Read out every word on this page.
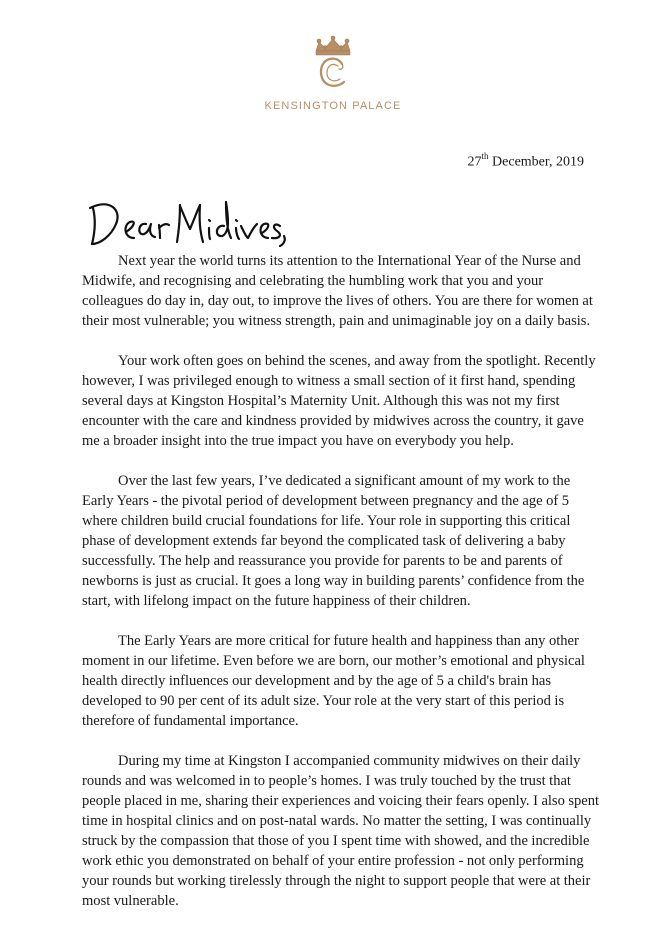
KENSINGTON PALACE
27th December, 2019

Next year the world turns its attention to the International Year of the Nurse and Midwife, and recognising and celebrating the humbling work that you and your colleagues do day in, day out, to improve the lives of others. You are there for women at their most vulnerable; you witness strength, pain and unimaginable joy on a daily basis.

Your work often goes on behind the scenes, and away from the spotlight. Recently however, I was privileged enough to witness a small section of it first hand, spending several days at Kingston Hospital’s Maternity Unit. Although this was not my first encounter with the care and kindness provided by midwives across the country, it gave me a broader insight into the true impact you have on everybody you help.

Over the last few years, I’ve dedicated a significant amount of my work to the Early Years - the pivotal period of development between pregnancy and the age of 5 where children build crucial foundations for life. Your role in supporting this critical phase of development extends far beyond the complicated task of delivering a baby successfully. The help and reassurance you provide for parents to be and parents of newborns is just as crucial. It goes a long way in building parents’ confidence from the start, with lifelong impact on the future happiness of their children.

The Early Years are more critical for future health and happiness than any other moment in our lifetime. Even before we are born, our mother’s emotional and physical health directly influences our development and by the age of 5 a child's brain has developed to 90 per cent of its adult size. Your role at the very start of this period is therefore of fundamental importance.

During my time at Kingston I accompanied community midwives on their daily rounds and was welcomed in to people’s homes. I was truly touched by the trust that people placed in me, sharing their experiences and voicing their fears openly. I also spent time in hospital clinics and on post-natal wards. No matter the setting, I was continually struck by the compassion that those of you I spent time with showed, and the incredible work ethic you demonstrated on behalf of your entire profession - not only performing your rounds but working tirelessly through the night to support people that were at their most vulnerable.
